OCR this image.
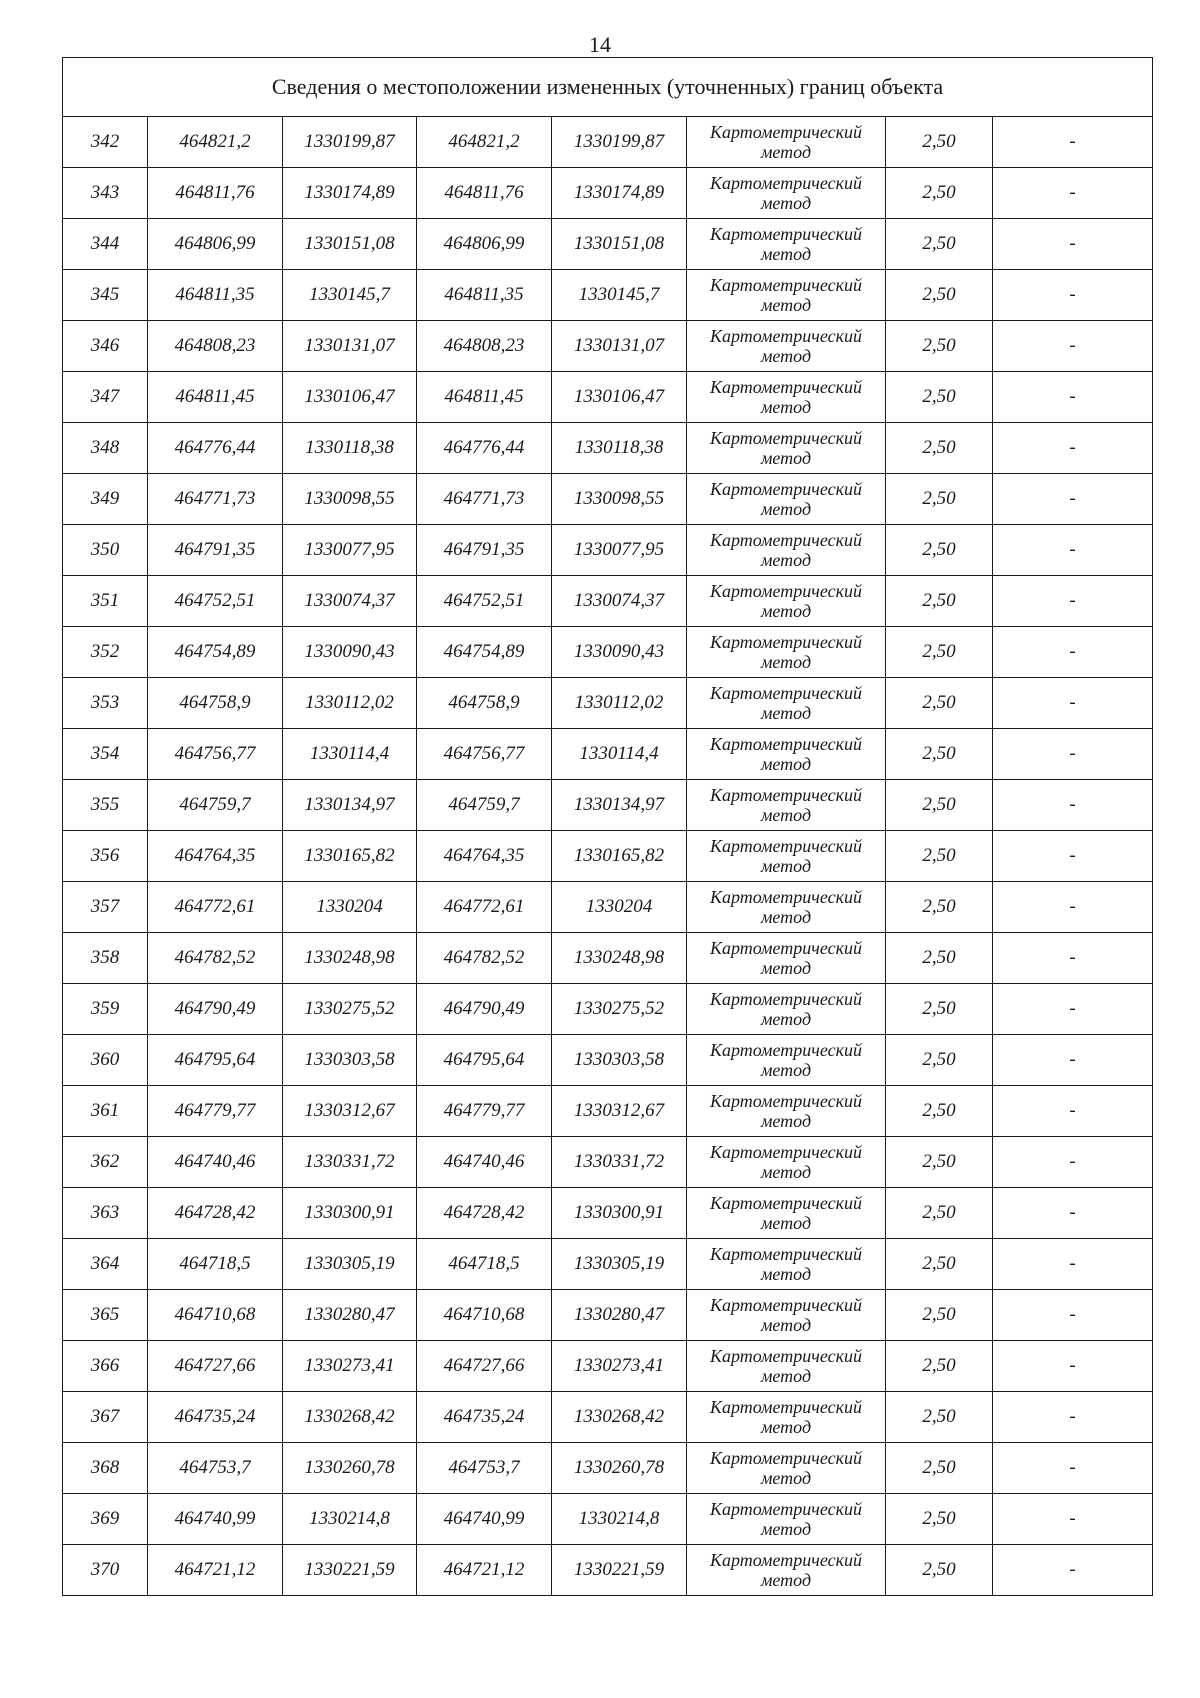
14
Сведения о местоположении измененных (уточненных) границ объекта							
342	464821,2	1330199,87	464821,2	1330199,87	Картометрический метод	2,50	-
343	464811,76	1330174,89	464811,76	1330174,89	Картометрический метод	2,50	-
344	464806,99	1330151,08	464806,99	1330151,08	Картометрический метод	2,50	-
345	464811,35	1330145,7	464811,35	1330145,7	Картометрический метод	2,50	-
346	464808,23	1330131,07	464808,23	1330131,07	Картометрический метод	2,50	-
347	464811,45	1330106,47	464811,45	1330106,47	Картометрический метод	2,50	-
348	464776,44	1330118,38	464776,44	1330118,38	Картометрический метод	2,50	-
349	464771,73	1330098,55	464771,73	1330098,55	Картометрический метод	2,50	-
350	464791,35	1330077,95	464791,35	1330077,95	Картометрический метод	2,50	-
351	464752,51	1330074,37	464752,51	1330074,37	Картометрический метод	2,50	-
352	464754,89	1330090,43	464754,89	1330090,43	Картометрический метод	2,50	-
353	464758,9	1330112,02	464758,9	1330112,02	Картометрический метод	2,50	-
354	464756,77	1330114,4	464756,77	1330114,4	Картометрический метод	2,50	-
355	464759,7	1330134,97	464759,7	1330134,97	Картометрический метод	2,50	-
356	464764,35	1330165,82	464764,35	1330165,82	Картометрический метод	2,50	-
357	464772,61	1330204	464772,61	1330204	Картометрический метод	2,50	-
358	464782,52	1330248,98	464782,52	1330248,98	Картометрический метод	2,50	-
359	464790,49	1330275,52	464790,49	1330275,52	Картометрический метод	2,50	-
360	464795,64	1330303,58	464795,64	1330303,58	Картометрический метод	2,50	-
361	464779,77	1330312,67	464779,77	1330312,67	Картометрический метод	2,50	-
362	464740,46	1330331,72	464740,46	1330331,72	Картометрический метод	2,50	-
363	464728,42	1330300,91	464728,42	1330300,91	Картометрический метод	2,50	-
364	464718,5	1330305,19	464718,5	1330305,19	Картометрический метод	2,50	-
365	464710,68	1330280,47	464710,68	1330280,47	Картометрический метод	2,50	-
366	464727,66	1330273,41	464727,66	1330273,41	Картометрический метод	2,50	-
367	464735,24	1330268,42	464735,24	1330268,42	Картометрический метод	2,50	-
368	464753,7	1330260,78	464753,7	1330260,78	Картометрический метод	2,50	-
369	464740,99	1330214,8	464740,99	1330214,8	Картометрический метод	2,50	-
370	464721,12	1330221,59	464721,12	1330221,59	Картометрический метод	2,50	-
